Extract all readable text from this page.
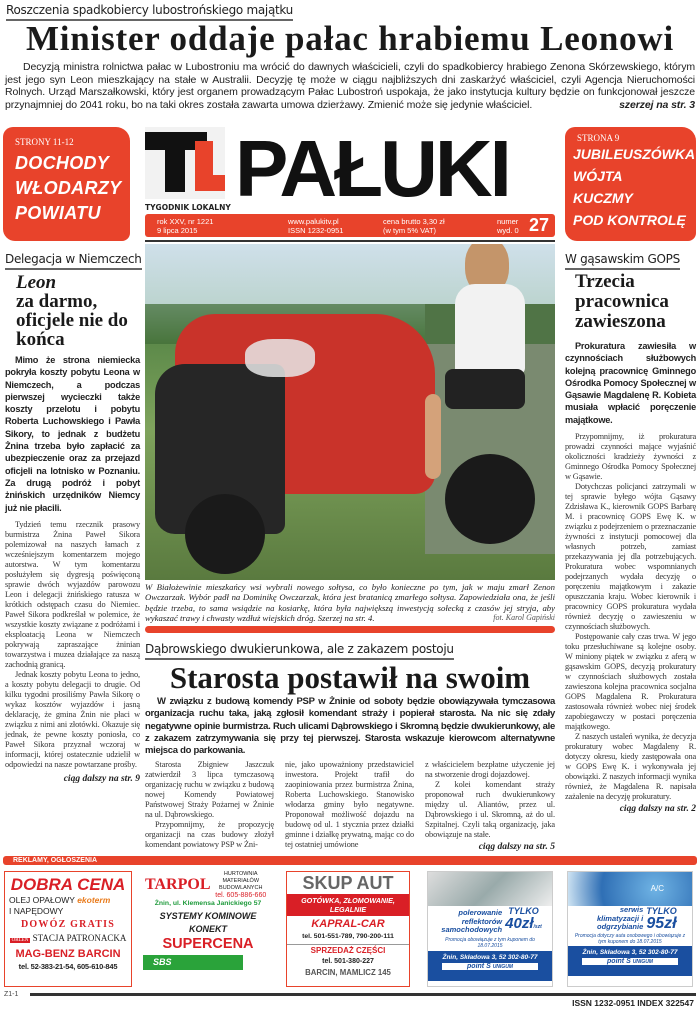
Roszczenia spadkobiercy lubostrońskiego majątku
Minister oddaje pałac hrabiemu Leonowi
Decyzją ministra rolnictwa pałac w Lubostroniu ma wrócić do dawnych właścicieli, czyli do spadkobiercy hrabiego Zenona Skórzewskiego, którym jest jego syn Leon mieszkający na stałe w Australii. Decyzję tę może w ciągu najbliższych dni zaskarżyć właściciel, czyli Agencja Nieruchomości Rolnych. Urząd Marszałkowski, który jest organem prowadzącym Pałac Lubostroń uspokaja, że jako instytucja kultury będzie on funkcjonował jeszcze przynajmniej do 2041 roku, bo na taki okres została zawarta umowa dzierżawy. Zmienić może się jedynie właściciel.	szerzej na str. 3
STRONY 11-12
DOCHODY
WŁODARZY
POWIATU
STRONA 9
JUBILEUSZÓWKA
WÓJTA
KUCZMY
POD KONTROLĘ
TYGODNIK LOKALNY PAŁUKI
rok XXV, nr 1221
9 lipca 2015
www.palukitv.pl
ISSN 1232-0951
cena brutto 3,30 zł
(w tym 5% VAT)
numer
wyd. 0 27
Delegacja w Niemczech
Leon
za darmo, oficjele nie do końca
Mimo że strona niemiecka pokryła koszty pobytu Leona w Niemczech, a podczas pierwszej wycieczki także koszty przelotu i pobytu Roberta Luchowskiego i Pawła Sikory, to jednak z budżetu Żnina trzeba było zapłacić za ubezpieczenie oraz za przejazd oficjeli na lotnisko w Poznaniu. Za drugą podróż i pobyt żnińskich urzędników Niemcy już nie płacili.

Tydzień temu rzecznik prasowy burmistrza Żnina Paweł Sikora polemizował na naszych łamach z wcześniejszym komentarzem mojego autorstwa. W tym komentarzu posłużyłem się dygresją poświęconą sprawie dwóch wyjazdów parowozu Leon i delegacji żnińskiego ratusza w krótkich odstępach czasu do Niemiec. Paweł Sikora podkreślał w polemice, że wszystkie koszty związane z podróżami i eksploatacją Leona w Niemczech pokrywają zapraszające żninian towarzystwa i muzea działające za naszą zachodnią granicą.

Jednak koszty pobytu Leona to jedno, a koszty pobytu delegacji to drugie. Od kilku tygodni prosiliśmy Pawła Sikorę o wykaz kosztów wyjazdów i jasną deklarację, że gmina Żnin nie płaci w związku z nimi ani złotówki. Okazuje się jednak, że pewne koszty poniosła, co Paweł Sikora przyznał wczoraj w informacji, której ostatecznie udzielił w odpowiedzi na nasze powtarzane prośby.

ciąg dalszy na str. 9
W Białożewinie mieszkańcy wsi wybrali nowego sołtysa, co było konieczne po tym, jak w maju zmarł Zenon Owczarzak. Wybór padł na Dominikę Owczarzak, która jest bratanicą zmarłego sołtysa. Zapowiedziała ona, że jeśli będzie trzeba, to sama wsiądzie na kosiarkę, która była największą inwestycją sołecką z czasów jej stryja, aby wykaszać trawy i chwasty wzdłuż wiejskich dróg. Szerzej na str. 4.	fot. Karol Gapiński
Dąbrowskiego dwukierunkowa, ale z zakazem postoju
Starosta postawił na swoim
W związku z budową komendy PSP w Żninie od soboty będzie obowiązywała tymczasowa organizacja ruchu taka, jaką zgłosił komendant straży i popierał starosta. Na nic się zdały negatywne opinie burmistrza. Ruch ulicami Dąbrowskiego i Skromną będzie dwukierunkowy, ale z zakazem zatrzymywania się przy tej pierwszej. Starosta wskazuje kierowcom alternatywne miejsca do parkowania.

Starosta Zbigniew Jaszczuk zatwierdził 3 lipca tymczasową organizację ruchu w związku z budową nowej Komendy Powiatowej Państwowej Straży Pożarnej w Żninie na ul. Dąbrowskiego.

Przypomnijmy, że propozycję organizacji na czas budowy złożył komendant powiatowy PSP w Żni-

nie, jako upoważniony przedstawiciel inwestora. Projekt trafił do zaopiniowania przez burmistrza Żnina, Roberta Luchowskiego. Stanowisko włodarza gminy było negatywne. Proponował możliwość dojazdu na budowę od ul. 1 stycznia przez działki gminne i działkę prywatną, mając co do tej ostatniej umówione

z właścicielem bezpłatne użyczenie jej na stworzenie drogi dojazdowej.

Z kolei komendant straży proponował ruch dwukierunkowy między ul. Aliantów, przez ul. Dąbrowskiego i ul. Skromną, aż do ul. Szpitalnej. Czyli taką organizację, jaka obowiązuje na stałe.

ciąg dalszy na str. 5
W gąsawskim GOPS
Trzecia pracownica zawieszona
Prokuratura zawiesiła w czynnościach służbowych kolejną pracownicę Gminnego Ośrodka Pomocy Społecznej w Gąsawie Magdalenę R. Kobieta musiała wpłacić poręczenie majątkowe.

Przypomnijmy, iż prokuratura prowadzi czynności mające wyjaśnić okoliczności kradzieży żywności z Gminnego Ośrodka Pomocy Społecznej w Gąsawie.

Dotychczas policjanci zatrzymali w tej sprawie byłego wójta Gąsawy Zdzisława K., kierownik GOPS Barbarę M. i pracownicę GOPS Ewę K. w związku z podejrzeniem o przeznaczanie żywności z instytucji pomocowej dla własnych potrzeb, zamiast przekazywania jej dla potrzebujących. Prokuratura wobec wspomnianych podejrzanych wydała decyzję o poręczeniu majątkowym i zakazie opuszczania kraju. Wobec kierownik i pracownicy GOPS prokuratura wydała również decyzję o zawieszeniu w czynnościach służbowych.

Postępowanie cały czas trwa. W jego toku przesłuchiwane są kolejne osoby. W miniony piątek w związku z aferą w gąsawskim GOPS, decyzją prokuratury w czynnościach służbowych została zawieszona kolejna pracownica socjalna GOPS Magdalena R. Prokuratura zastosowała również wobec niej środek zapobiegawczy w postaci poręczenia majątkowego.

Z naszych ustaleń wynika, że decyzja prokuratury wobec Magdaleny R. dotyczy okresu, kiedy zastępowała ona w GOPS Ewę K. i wykonywała jej obowiązki. Z naszych informacji wynika również, że Magdalena R. napisała zażalenie na decyzję prokuratury.

ciąg dalszy na str. 2
REKLAMY, OGŁOSZENIA
DOBRA CENA
OLEJ OPAŁOWY ekoterm
I NAPĘDOWY
DOWÓZ GRATIS
ORLEN STACJA PATRONACKA
MAG-BENZ BARCIN
tel. 52-383-21-54, 605-610-845
TARPOL
HURTOWNIA MATERIAŁÓW BUDOWLANYCH
tel. 605-886-660
Żnin, ul. Klemensa Janickiego 57
SYSTEMY KOMINOWE
KONEKT
SUPERCENA
SBS
SKUP AUT
GOTÓWKA, ZŁOMOWANIE, LEGALNIE
KAPRAL-CAR
tel. 501-551-789, 790-200-111
SPRZEDAŻ CZĘŚCI
tel. 501-380-227
BARCIN, MAMLICZ 145
polerowanie reflektorów samochodowych
TYLKO
40zł/szt
Promocja obowiązuje z tym kuponem do 18.07.2015
Żnin, Składowa 3, 52 302-80-77
point S UNIGUM
A/C
serwis klimatyzacji i odgrzybianie
TYLKO
95zł
Promocja dotyczy auta osobowego i obowiązuje z tym kuponem do 18.07.2015
Żnin, Składowa 3, 52 302-80-77
point S UNIGUM
Z1-1
ISSN 1232-0951 INDEX 322547
